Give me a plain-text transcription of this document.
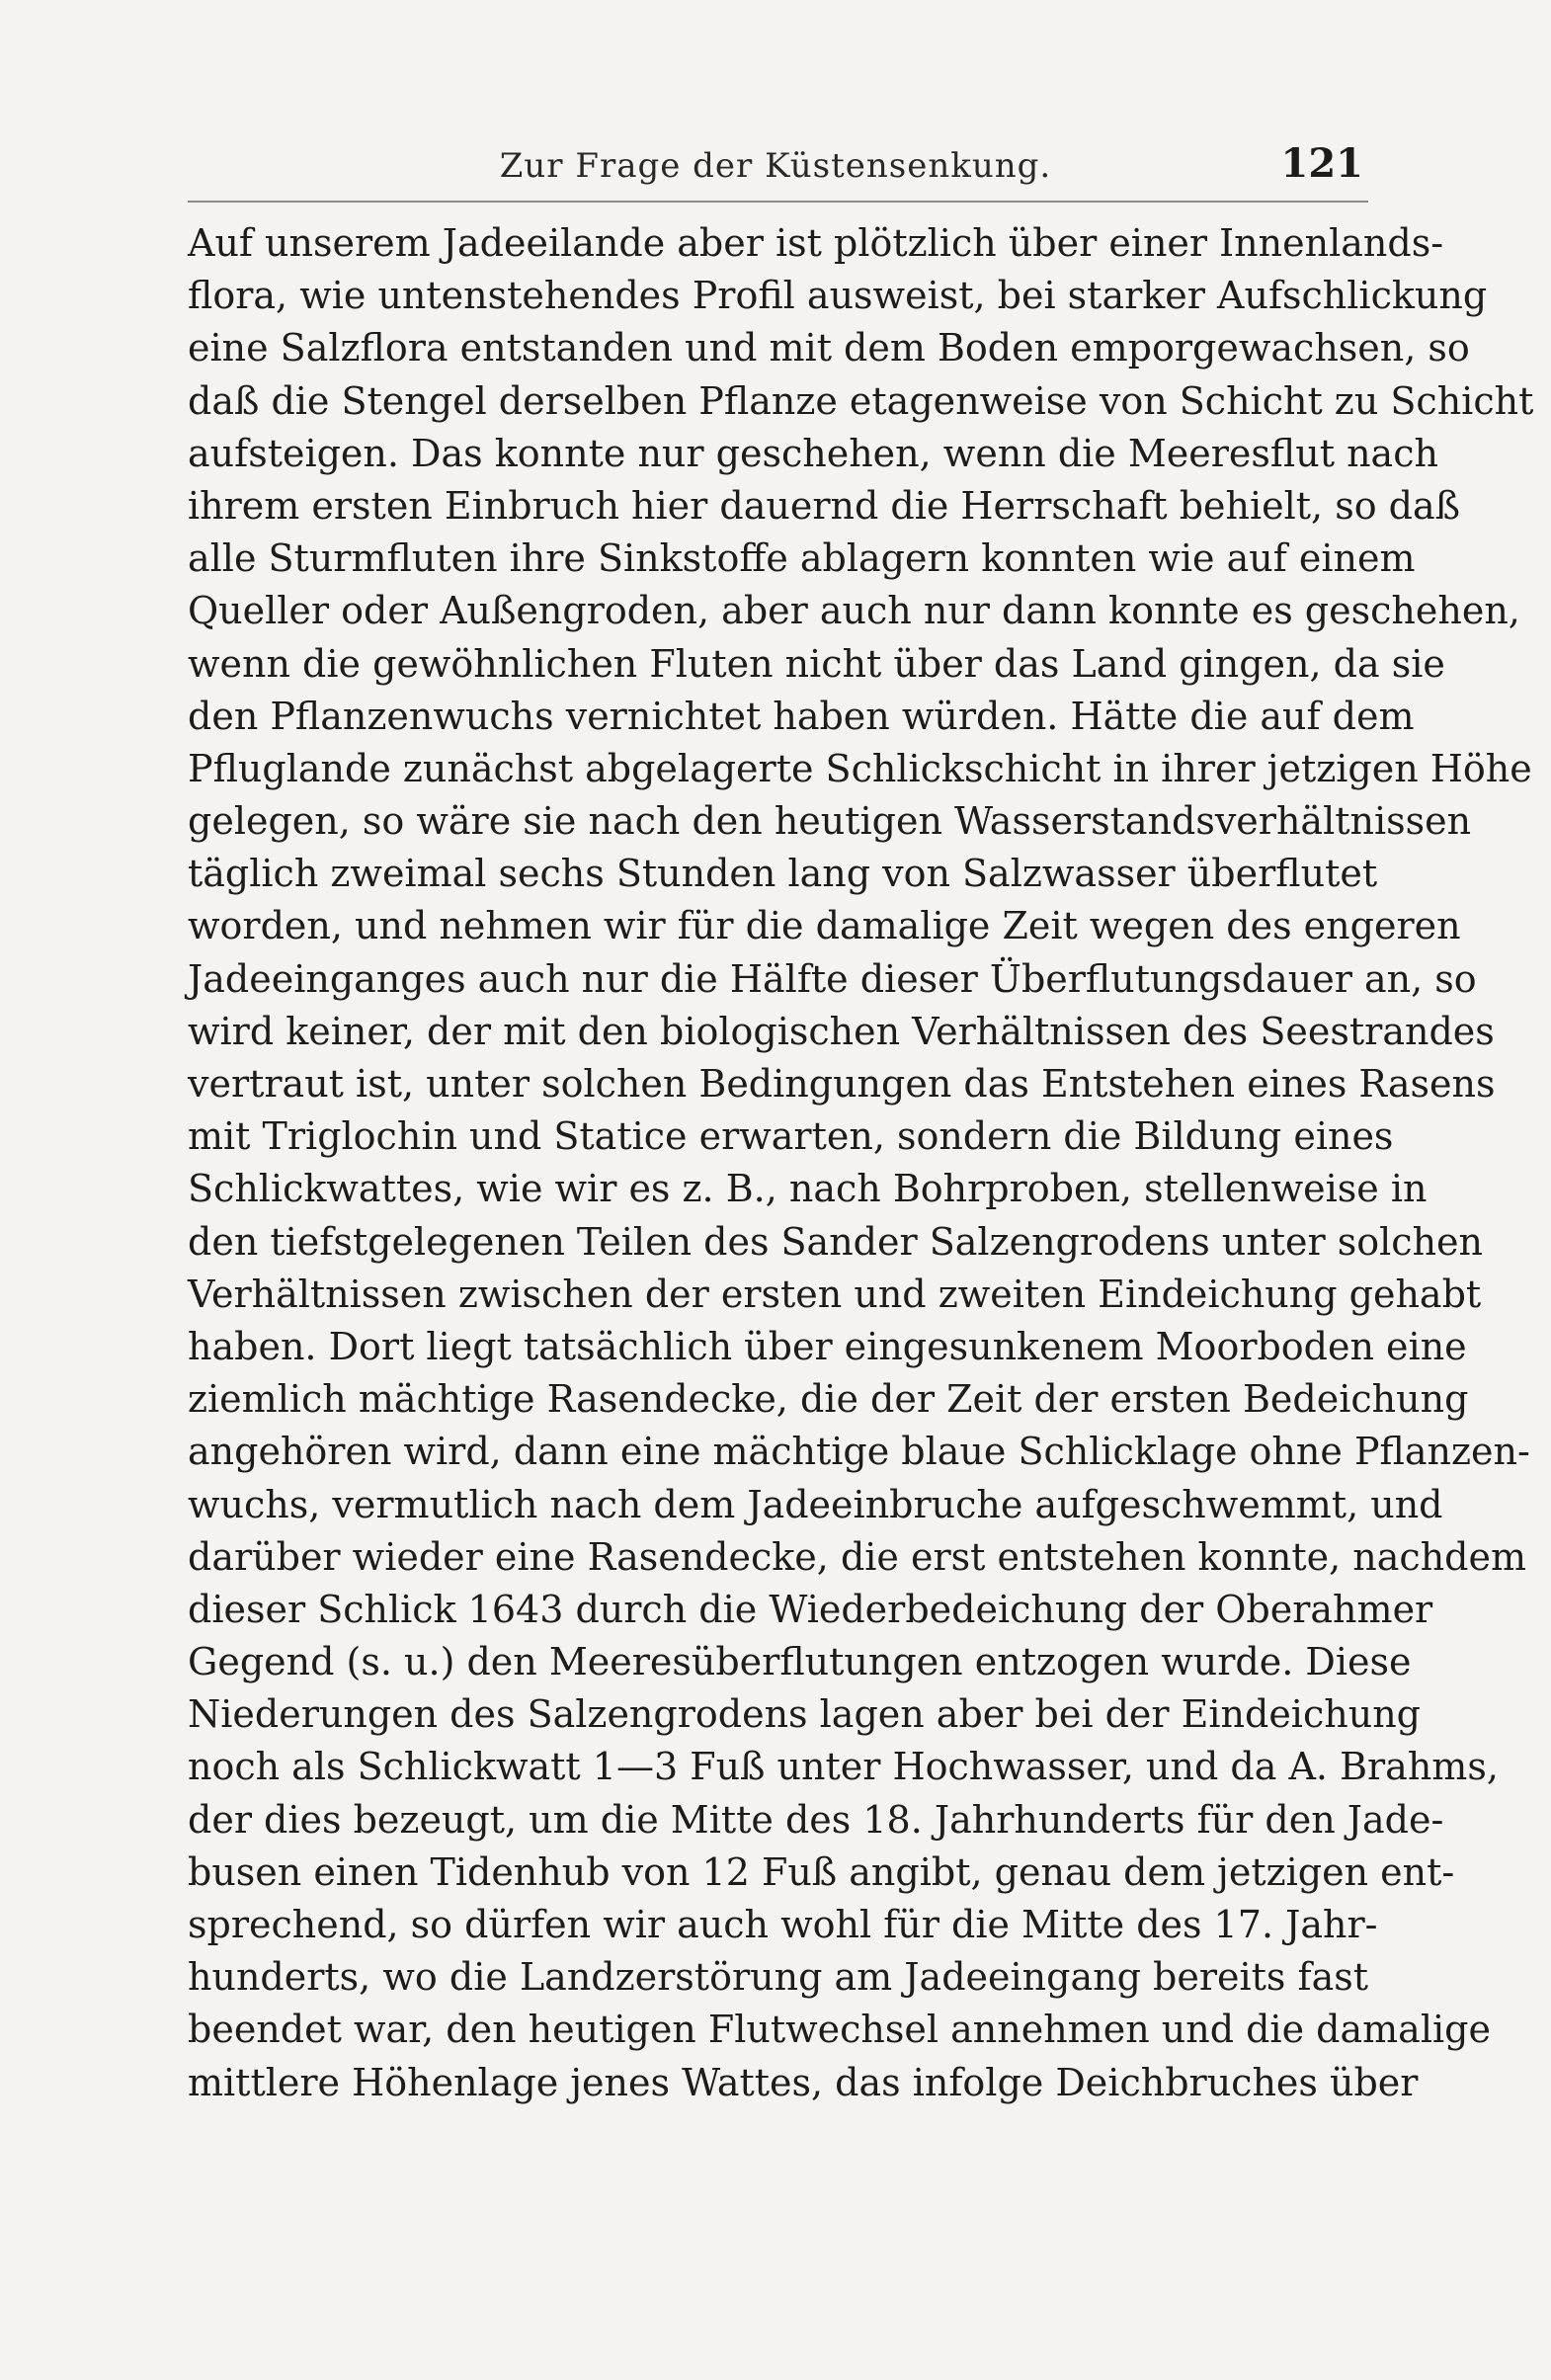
Zur Frage der Küstensenkung.	121
Auf unserem Jadeeilande aber ist plötzlich über einer Innenlands-
flora, wie untenstehendes Profil ausweist, bei starker Aufschlickung
eine Salzflora entstanden und mit dem Boden emporgewachsen, so
daß die Stengel derselben Pflanze etagenweise von Schicht zu Schicht
aufsteigen. Das konnte nur geschehen, wenn die Meeresflut nach
ihrem ersten Einbruch hier dauernd die Herrschaft behielt, so daß
alle Sturmfluten ihre Sinkstoffe ablagern konnten wie auf einem
Queller oder Außengroden, aber auch nur dann konnte es geschehen,
wenn die gewöhnlichen Fluten nicht über das Land gingen, da sie
den Pflanzenwuchs vernichtet haben würden. Hätte die auf dem
Pfluglande zunächst abgelagerte Schlickschicht in ihrer jetzigen Höhe
gelegen, so wäre sie nach den heutigen Wasserstandsverhältnissen
täglich zweimal sechs Stunden lang von Salzwasser überflutet
worden, und nehmen wir für die damalige Zeit wegen des engeren
Jadeeinganges auch nur die Hälfte dieser Überflutungsdauer an, so
wird keiner, der mit den biologischen Verhältnissen des Seestrandes
vertraut ist, unter solchen Bedingungen das Entstehen eines Rasens
mit Triglochin und Statice erwarten, sondern die Bildung eines
Schlickwattes, wie wir es z. B., nach Bohrproben, stellenweise in
den tiefstgelegenen Teilen des Sander Salzengrodens unter solchen
Verhältnissen zwischen der ersten und zweiten Eindeichung gehabt
haben. Dort liegt tatsächlich über eingesunkenem Moorboden eine
ziemlich mächtige Rasendecke, die der Zeit der ersten Bedeichung
angehören wird, dann eine mächtige blaue Schlicklage ohne Pflanzen-
wuchs, vermutlich nach dem Jadeeinbruche aufgeschwemmt, und
darüber wieder eine Rasendecke, die erst entstehen konnte, nachdem
dieser Schlick 1643 durch die Wiederbedeichung der Oberahmer
Gegend (s. u.) den Meeresüberflutungen entzogen wurde. Diese
Niederungen des Salzengrodens lagen aber bei der Eindeichung
noch als Schlickwatt 1—3 Fuß unter Hochwasser, und da A. Brahms,
der dies bezeugt, um die Mitte des 18. Jahrhunderts für den Jade-
busen einen Tidenhub von 12 Fuß angibt, genau dem jetzigen ent-
sprechend, so dürfen wir auch wohl für die Mitte des 17. Jahr-
hunderts, wo die Landzerstörung am Jadeeingang bereits fast
beendet war, den heutigen Flutwechsel annehmen und die damalige
mittlere Höhenlage jenes Wattes, das infolge Deichbruches über
